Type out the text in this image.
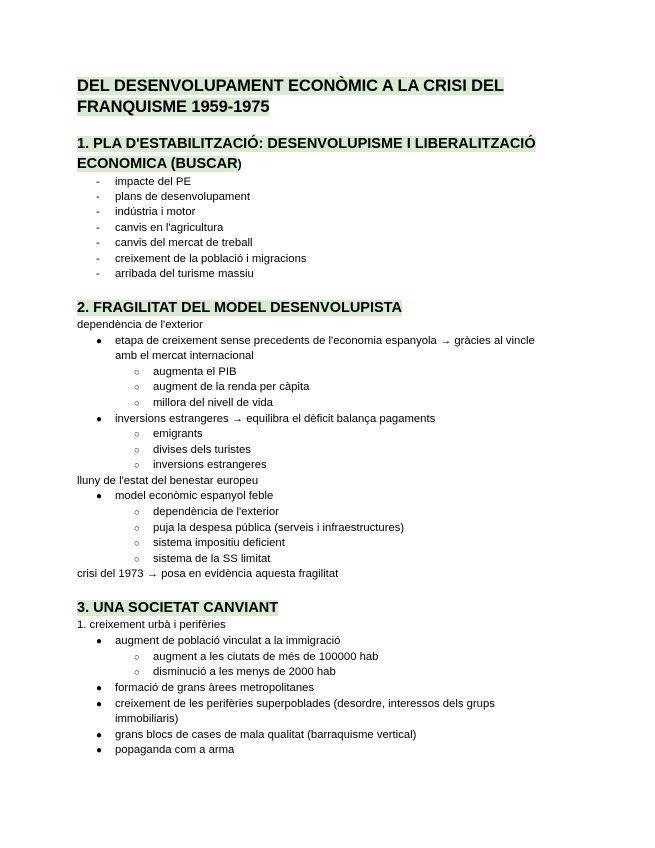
DEL DESENVOLUPAMENT ECONÒMIC A LA CRISI DEL
FRANQUISME 1959-1975
1. PLA D'ESTABILITZACIÓ: DESENVOLUPISME I LIBERALITZACIÓ
ECONOMICA (BUSCAR)
- impacte del PE
- plans de desenvolupament
- indústria i motor
- canvis en l'agricultura
- canvis del mercat de treball
- creixement de la població i migracions
- arribada del turisme massiu
2. FRAGILITAT DEL MODEL DESENVOLUPISTA
dependència de l'exterior
● etapa de creixement sense precedents de l'economia espanyola → gràcies al vincle
amb el mercat internacional
○ augmenta el PIB
○ augment de la renda per càpita
○ millora del nivell de vida
● inversions estrangeres → equilibra el dèficit balança pagaments
○ emigrants
○ divises dels turistes
○ inversions estrangeres
lluny de l'estat del benestar europeu
● model econòmic espanyol feble
○ dependència de l'exterior
○ puja la despesa pública (serveis i infraestructures)
○ sistema impositiu deficient
○ sistema de la SS limitat
crisi del 1973 → posa en evidència aquesta fragilitat
3. UNA SOCIETAT CANVIANT
1. creixement urbà i perifèries
● augment de població vinculat a la immigració
○ augment a les ciutats de més de 100000 hab
○ disminució a les menys de 2000 hab
● formació de grans àrees metropolitanes
● creixement de les perifèries superpoblades (desordre, interessos dels grups
immobiliaris)
● grans blocs de cases de mala qualitat (barraquisme vertical)
● popaganda com a arma
